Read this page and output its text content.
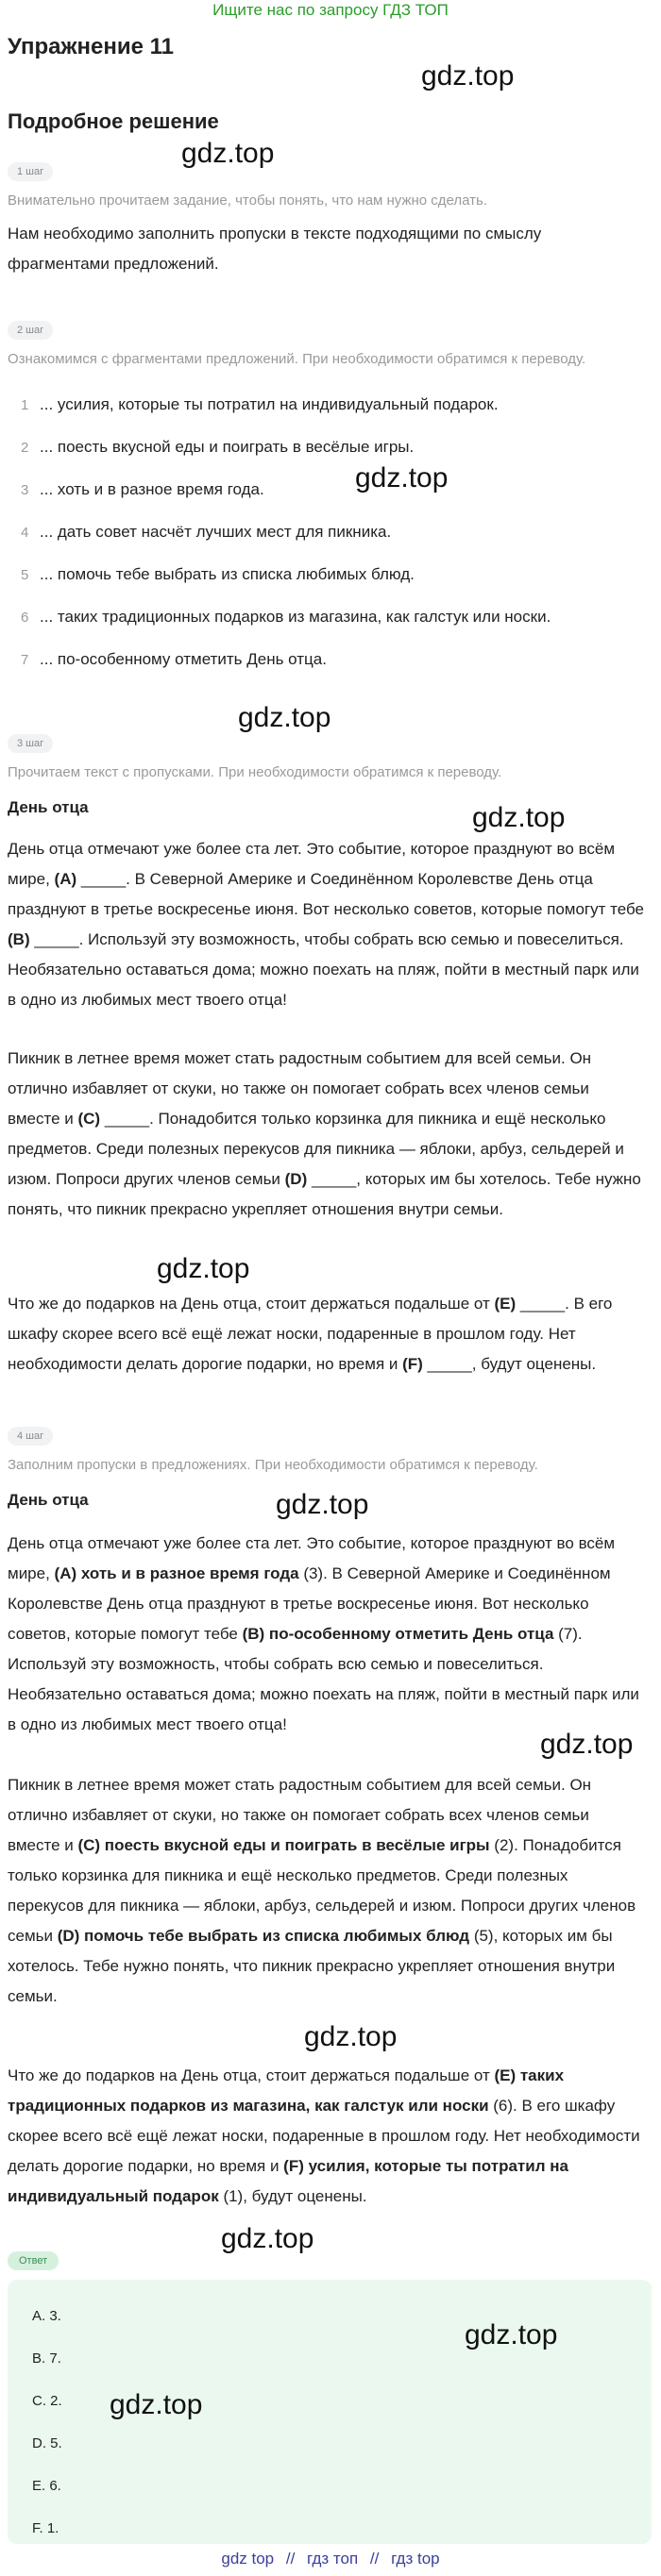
Ищите нас по запросу ГДЗ ТОП
Упражнение 11
gdz.top
Подробное решение
gdz.top
1 шаг
Внимательно прочитаем задание, чтобы понять, что нам нужно сделать.
Нам необходимо заполнить пропуски в тексте подходящими по смыслу фрагментами предложений.
2 шаг
Ознакомимся с фрагментами предложений. При необходимости обратимся к переводу.
1 ... усилия, которые ты потратил на индивидуальный подарок.
2 ... поесть вкусной еды и поиграть в весёлые игры.
3 ... хоть и в разное время года.	gdz.top
4 ... дать совет насчёт лучших мест для пикника.
5 ... помочь тебе выбрать из списка любимых блюд.
6 ... таких традиционных подарков из магазина, как галстук или носки.
7 ... по-особенному отметить День отца.
gdz.top
3 шаг
Прочитаем текст с пропусками. При необходимости обратимся к переводу.
День отца	gdz.top
День отца отмечают уже более ста лет. Это событие, которое празднуют во всём мире, (A) _____. В Северной Америке и Соединённом Королевстве День отца празднуют в третье воскресенье июня. Вот несколько советов, которые помогут тебе (B) _____. Используй эту возможность, чтобы собрать всю семью и повеселиться. Необязательно оставаться дома; можно поехать на пляж, пойти в местный парк или в одно из любимых мест твоего отца!
Пикник в летнее время может стать радостным событием для всей семьи. Он отлично избавляет от скуки, но также он помогает собрать всех членов семьи вместе и (C) _____. Понадобится только корзинка для пикника и ещё несколько предметов. Среди полезных перекусов для пикника — яблоки, арбуз, сельдерей и изюм. Попроси других членов семьи (D) _____, которых им бы хотелось. Тебе нужно понять, что пикник прекрасно укрепляет отношения внутри семьи.
gdz.top
Что же до подарков на День отца, стоит держаться подальше от (E) _____. В его шкафу скорее всего всё ещё лежат носки, подаренные в прошлом году. Нет необходимости делать дорогие подарки, но время и (F) _____, будут оценены.
4 шаг
Заполним пропуски в предложениях. При необходимости обратимся к переводу.
День отца	gdz.top
День отца отмечают уже более ста лет. Это событие, которое празднуют во всём мире, (A) хоть и в разное время года (3). В Северной Америке и Соединённом Королевстве День отца празднуют в третье воскресенье июня. Вот несколько советов, которые помогут тебе (B) по-особенному отметить День отца (7). Используй эту возможность, чтобы собрать всю семью и повеселиться. Необязательно оставаться дома; можно поехать на пляж, пойти в местный парк или в одно из любимых мест твоего отца!
gdz.top
Пикник в летнее время может стать радостным событием для всей семьи. Он отлично избавляет от скуки, но также он помогает собрать всех членов семьи вместе и (C) поесть вкусной еды и поиграть в весёлые игры (2). Понадобится только корзинка для пикника и ещё несколько предметов. Среди полезных перекусов для пикника — яблоки, арбуз, сельдерей и изюм. Попроси других членов семьи (D) помочь тебе выбрать из списка любимых блюд (5), которых им бы хотелось. Тебе нужно понять, что пикник прекрасно укрепляет отношения внутри семьи.
gdz.top
Что же до подарков на День отца, стоит держаться подальше от (E) таких традиционных подарков из магазина, как галстук или носки (6). В его шкафу скорее всего всё ещё лежат носки, подаренные в прошлом году. Нет необходимости делать дорогие подарки, но время и (F) усилия, которые ты потратил на индивидуальный подарок (1), будут оценены.
gdz.top
Ответ
A. 3.
B. 7.
C. 2.
D. 5.
E. 6.
F. 1.
gdz.top
gdz.top
gdz top // гдз топ // гдз top
